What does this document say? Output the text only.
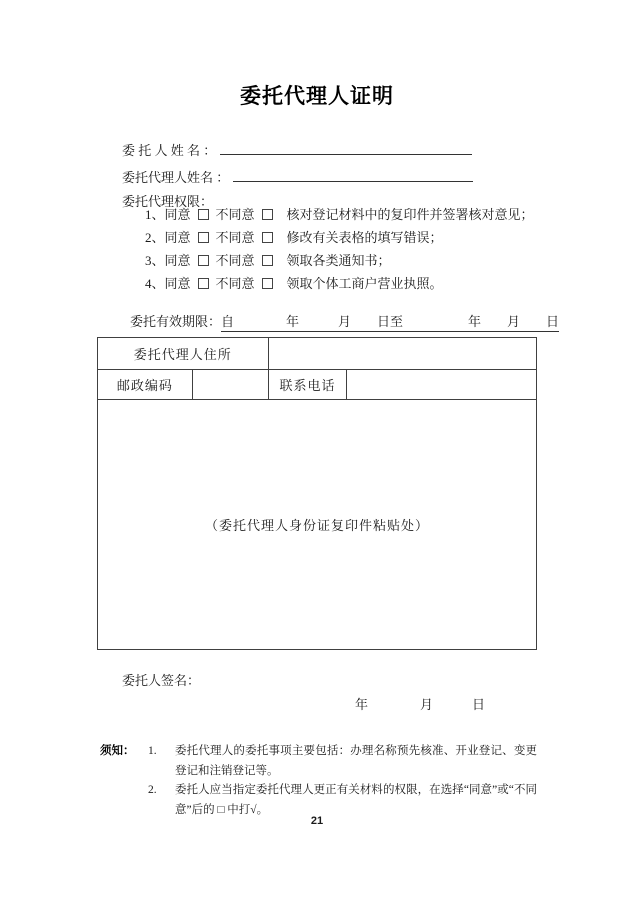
委托代理人证明
委 托 人 姓 名 ：
委托代理人姓名 ：
委托代理权限：
1、同意 不同意 核对登记材料中的复印件并签署核对意见；
2、同意 不同意 修改有关表格的填写错误；
3、同意 不同意 领取各类通知书；
4、同意 不同意 领取个体工商户营业执照。

委托有效期限：自　　　　年　　　月　　日至　　　　　年　　月　　日

委托代理人住所			
邮政编码		联系电话	
（委托代理人身份证复印件粘贴处）			
委托人签名：
年　　　　月　　　日
须知： 1.	委托代理人的委托事项主要包括：办理名称预先核准、开业登记、变更登记和注销登记等。
2.	委托人应当指定委托代理人更正有关材料的权限，在选择“同意”或“不同意”后的 □ 中打√。
21
